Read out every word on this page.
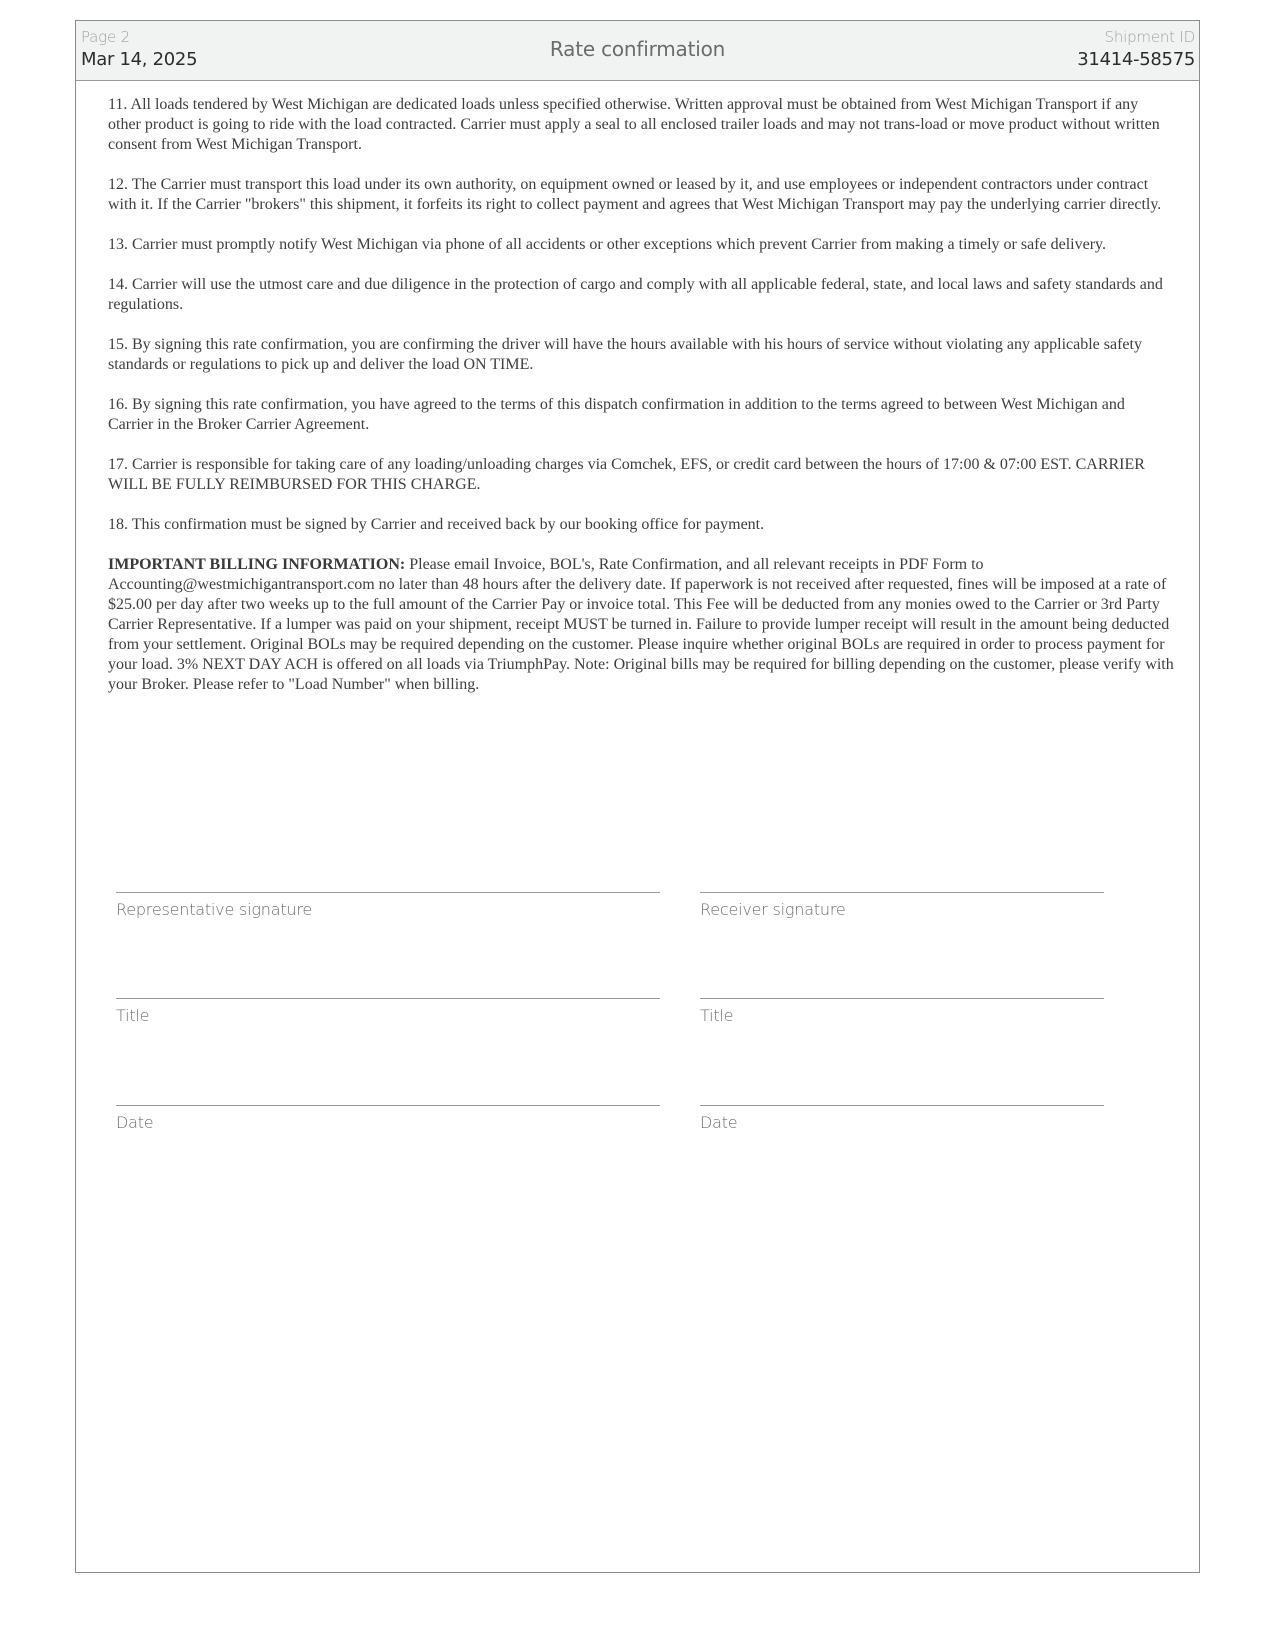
Page 2
Mar 14, 2025	Rate confirmation	Shipment ID
31414-58575

11. All loads tendered by West Michigan are dedicated loads unless specified otherwise. Written approval must be obtained from West Michigan Transport if any other product is going to ride with the load contracted. Carrier must apply a seal to all enclosed trailer loads and may not trans-load or move product without written consent from West Michigan Transport.

12. The Carrier must transport this load under its own authority, on equipment owned or leased by it, and use employees or independent contractors under contract with it. If the Carrier "brokers" this shipment, it forfeits its right to collect payment and agrees that West Michigan Transport may pay the underlying carrier directly.

13. Carrier must promptly notify West Michigan via phone of all accidents or other exceptions which prevent Carrier from making a timely or safe delivery.

14. Carrier will use the utmost care and due diligence in the protection of cargo and comply with all applicable federal, state, and local laws and safety standards and regulations.

15. By signing this rate confirmation, you are confirming the driver will have the hours available with his hours of service without violating any applicable safety standards or regulations to pick up and deliver the load ON TIME.

16. By signing this rate confirmation, you have agreed to the terms of this dispatch confirmation in addition to the terms agreed to between West Michigan and Carrier in the Broker Carrier Agreement.

17. Carrier is responsible for taking care of any loading/unloading charges via Comchek, EFS, or credit card between the hours of 17:00 & 07:00 EST. CARRIER WILL BE FULLY REIMBURSED FOR THIS CHARGE.

18. This confirmation must be signed by Carrier and received back by our booking office for payment.

IMPORTANT BILLING INFORMATION: Please email Invoice, BOL's, Rate Confirmation, and all relevant receipts in PDF Form to Accounting@westmichigantransport.com no later than 48 hours after the delivery date. If paperwork is not received after requested, fines will be imposed at a rate of $25.00 per day after two weeks up to the full amount of the Carrier Pay or invoice total. This Fee will be deducted from any monies owed to the Carrier or 3rd Party Carrier Representative. If a lumper was paid on your shipment, receipt MUST be turned in. Failure to provide lumper receipt will result in the amount being deducted from your settlement. Original BOLs may be required depending on the customer. Please inquire whether original BOLs are required in order to process payment for your load. 3% NEXT DAY ACH is offered on all loads via TriumphPay. Note: Original bills may be required for billing depending on the customer, please verify with your Broker. Please refer to "Load Number" when billing.

Representative signature
Title
Date
Receiver signature
Title
Date
